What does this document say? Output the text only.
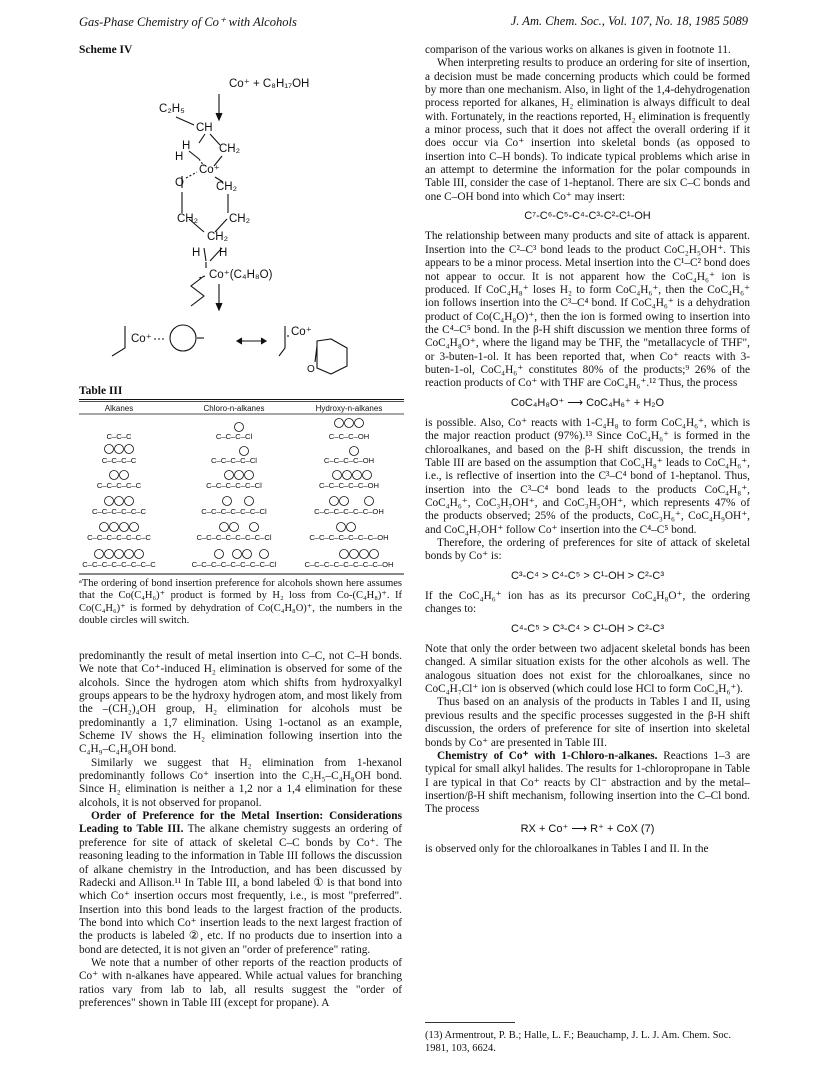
Gas-Phase Chemistry of Co⁺ with Alcohols	J. Am. Chem. Soc., Vol. 107, No. 18, 1985 5089
Scheme IV
Co⁺ + C₈H₁₇OH
C₂H₅
CH
H CH₂
H
Co⁺
O	CH₂
CH₂	CH₂
CH₂
H H
Co⁺(C₄H₈O)
Co⁺
Co⁺
O
Table III
Alkanes	Chloro-n-alkanes	Hydroxy-n-alkanes
C–C–C	C–C–C–Cl	C–C–C–OH
C–C–C–C	C–C–C–C–Cl	C–C–C–C–OH
C–C–C–C–C	C–C–C–C–C–Cl	C–C–C–C–C–OH
C–C–C–C–C–C	C–C–C–C–C–C–Cl	C–C–C–C–C–C–OH
C–C–C–C–C–C–C	C–C–C–C–C–C–C–Cl	C–C–C–C–C–C–C–OH
C–C–C–C–C–C–C–C	C–C–C–C–C–C–C–C–Cl	C–C–C–C–C–C–C–C–OH
ᵃThe ordering of bond insertion preference for alcohols shown here assumes that the Co(C₄H₆)⁺ product is formed by H₂ loss from Co-(C₄H₈)⁺. If Co(C₄H₆)⁺ is formed by dehydration of Co(C₄H₈O)⁺, the numbers in the double circles will switch.

predominantly the result of metal insertion into C–C, not C–H bonds. We note that Co⁺-induced H₂ elimination is observed for some of the alcohols. Since the hydrogen atom which shifts from hydroxyalkyl groups appears to be the hydroxy hydrogen atom, and most likely from the –(CH₂)₄OH group, H₂ elimination for alcohols must be predominantly a 1,7 elimination. Using 1-octanol as an example, Scheme IV shows the H₂ elimination following insertion into the C₄H₉–C₄H₈OH bond.

Similarly we suggest that H₂ elimination from 1-hexanol predominantly follows Co⁺ insertion into the C₂H₅–C₄H₈OH bond. Since H₂ elimination is neither a 1,2 nor a 1,4 elimination for these alcohols, it is not observed for propanol.

Order of Preference for the Metal Insertion: Considerations Leading to Table III. The alkane chemistry suggests an ordering of preference for site of attack of skeletal C–C bonds by Co⁺. The reasoning leading to the information in Table III follows the discussion of alkane chemistry in the Introduction, and has been discussed by Radecki and Allison.¹¹ In Table III, a bond labeled ① is that bond into which Co⁺ insertion occurs most frequently, i.e., is most "preferred". Insertion into this bond leads to the largest fraction of the products. The bond into which Co⁺ insertion leads to the next largest fraction of the products is labeled ②, etc. If no products due to insertion into a bond are detected, it is not given an "order of preference" rating.

We note that a number of other reports of the reaction products of Co⁺ with n-alkanes have appeared. While actual values for branching ratios vary from lab to lab, all results suggest the "order of preferences" shown in Table III (except for propane). A

comparison of the various works on alkanes is given in footnote 11.

When interpreting results to produce an ordering for site of insertion, a decision must be made concerning products which could be formed by more than one mechanism. Also, in light of the 1,4-dehydrogenation process reported for alkanes, H₂ elimination is always difficult to deal with. Fortunately, in the reactions reported, H₂ elimination is frequently a minor process, such that it does not affect the overall ordering if it does occur via Co⁺ insertion into skeletal bonds (as opposed to insertion into C–H bonds). To indicate typical problems which arise in an attempt to determine the information for the polar compounds in Table III, consider the case of 1-heptanol. There are six C–C bonds and one C–OH bond into which Co⁺ may insert:

C⁷-C⁶-C⁵-C⁴-C³-C²-C¹-OH

The relationship between many products and site of attack is apparent. Insertion into the C²–C³ bond leads to the product CoC₂H₅OH⁺. This appears to be a minor process. Metal insertion into the C¹–C² bond does not appear to occur. It is not apparent how the CoC₄H₆⁺ ion is produced. If CoC₄H₈⁺ loses H₂ to form CoC₄H₆⁺, then the CoC₄H₆⁺ ion follows insertion into the C³–C⁴ bond. If CoC₄H₆⁺ is a dehydration product of Co(C₄H₈O)⁺, then the ion is formed owing to insertion into the C⁴–C⁵ bond. In the β-H shift discussion we mention three forms of CoC₄H₈O⁺, where the ligand may be THF, the "metallacycle of THF", or 3-buten-1-ol. It has been reported that, when Co⁺ reacts with 3-buten-1-ol, CoC₄H₆⁺ constitutes 80% of the products;⁹ 26% of the reaction products of Co⁺ with THF are CoC₄H₆⁺.¹² Thus, the process

CoC₄H₈O⁺ ⟶ CoC₄H₆⁺ + H₂O

is possible. Also, Co⁺ reacts with 1-C₄H₈ to form CoC₄H₆⁺, which is the major reaction product (97%).¹³ Since CoC₄H₆⁺ is formed in the chloroalkanes, and based on the β-H shift discussion, the trends in Table III are based on the assumption that CoC₄H₈⁺ leads to CoC₄H₆⁺, i.e., is reflective of insertion into the C³–C⁴ bond of 1-heptanol. Thus, insertion into the C³–C⁴ bond leads to the products CoC₄H₈⁺, CoC₄H₆⁺, CoC₃H₇OH⁺, and CoC₃H₅OH⁺, which represents 47% of the products observed; 25% of the products, CoC₃H₆⁺, CoC₄H₉OH⁺, and CoC₄H₇OH⁺ follow Co⁺ insertion into the C⁴–C⁵ bond.

Therefore, the ordering of preferences for site of attack of skeletal bonds by Co⁺ is:

C³-C⁴ > C⁴-C⁵ > C¹-OH > C²-C³

If the CoC₄H₆⁺ ion has as its precursor CoC₄H₈O⁺, the ordering changes to:

C⁴-C⁵ > C³-C⁴ > C¹-OH > C²-C³

Note that only the order between two adjacent skeletal bonds has been changed. A similar situation exists for the other alcohols as well. The analogous situation does not exist for the chloroalkanes, since no CoC₄H₇Cl⁺ ion is observed (which could lose HCl to form CoC₄H₆⁺).

Thus based on an analysis of the products in Tables I and II, using previous results and the specific processes suggested in the β-H shift discussion, the orders of preference for site of insertion into skeletal bonds by Co⁺ are presented in Table III.

Chemistry of Co⁺ with 1-Chloro-n-alkanes. Reactions 1–3 are typical for small alkyl halides. The results for 1-chloropropane in Table I are typical in that Co⁺ reacts by Cl⁻ abstraction and by the metal–insertion/β-H shift mechanism, following insertion into the C–Cl bond. The process

RX + Co⁺ ⟶ R⁺ + CoX (7)

is observed only for the chloroalkanes in Tables I and II. In the

(13) Armentrout, P. B.; Halle, L. F.; Beauchamp, J. L. J. Am. Chem. Soc. 1981, 103, 6624.
